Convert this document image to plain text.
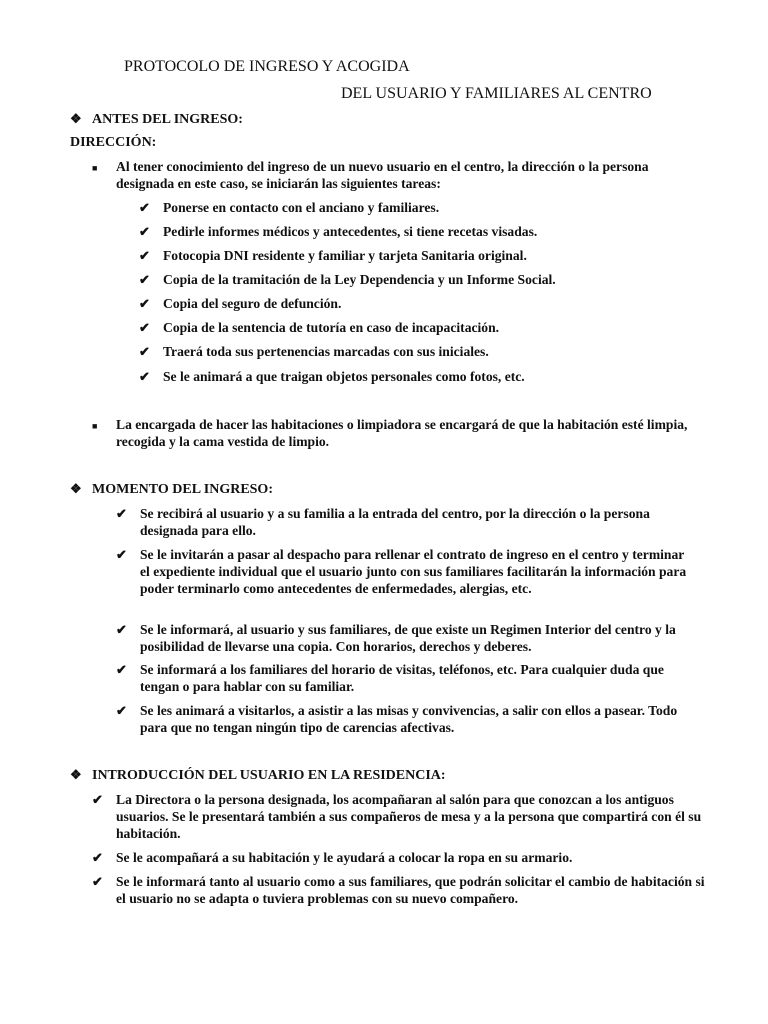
PROTOCOLO DE INGRESO Y ACOGIDA
DEL USUARIO Y FAMILIARES AL CENTRO
❖ ANTES DEL INGRESO:
DIRECCIÓN:
■ Al tener conocimiento del ingreso de un nuevo usuario en el centro, la dirección o la persona designada en este caso, se iniciarán las siguientes tareas:
✔ Ponerse en contacto con el anciano y familiares.
✔ Pedirle informes médicos y antecedentes, si tiene recetas visadas.
✔ Fotocopia DNI residente y familiar y tarjeta Sanitaria original.
✔ Copia de la tramitación de la Ley Dependencia y un Informe Social.
✔ Copia del seguro de defunción.
✔ Copia de la sentencia de tutoría en caso de incapacitación.
✔ Traerá toda sus pertenencias marcadas con sus iniciales.
✔ Se le animará a que traigan objetos personales como fotos, etc.
■ La encargada de hacer las habitaciones o limpiadora se encargará de que la habitación esté limpia, recogida y la cama vestida de limpio.
❖ MOMENTO DEL INGRESO:
✔ Se recibirá al usuario y a su familia a la entrada del centro, por la dirección o la persona designada para ello.
✔ Se le invitarán a pasar al despacho para rellenar el contrato de ingreso en el centro y terminar el expediente individual que el usuario junto con sus familiares facilitarán la información para poder terminarlo como antecedentes de enfermedades, alergias, etc.
✔ Se le informará, al usuario y sus familiares, de que existe un Regimen Interior del centro y la posibilidad de llevarse una copia. Con horarios, derechos y deberes.
✔ Se informará a los familiares del horario de visitas, teléfonos, etc. Para cualquier duda que tengan o para hablar con su familiar.
✔ Se les animará a visitarlos, a asistir a las misas y convivencias, a salir con ellos a pasear. Todo para que no tengan ningún tipo de carencias afectivas.
❖ INTRODUCCIÓN DEL USUARIO EN LA RESIDENCIA:
✔ La Directora o la persona designada, los acompañaran al salón para que conozcan a los antiguos usuarios. Se le presentará también a sus compañeros de mesa y a la persona que compartirá con él su habitación.
✔ Se le acompañará a su habitación y le ayudará a colocar la ropa en su armario.
✔ Se le informará tanto al usuario como a sus familiares, que podrán solicitar el cambio de habitación si el usuario no se adapta o tuviera problemas con su nuevo compañero.
